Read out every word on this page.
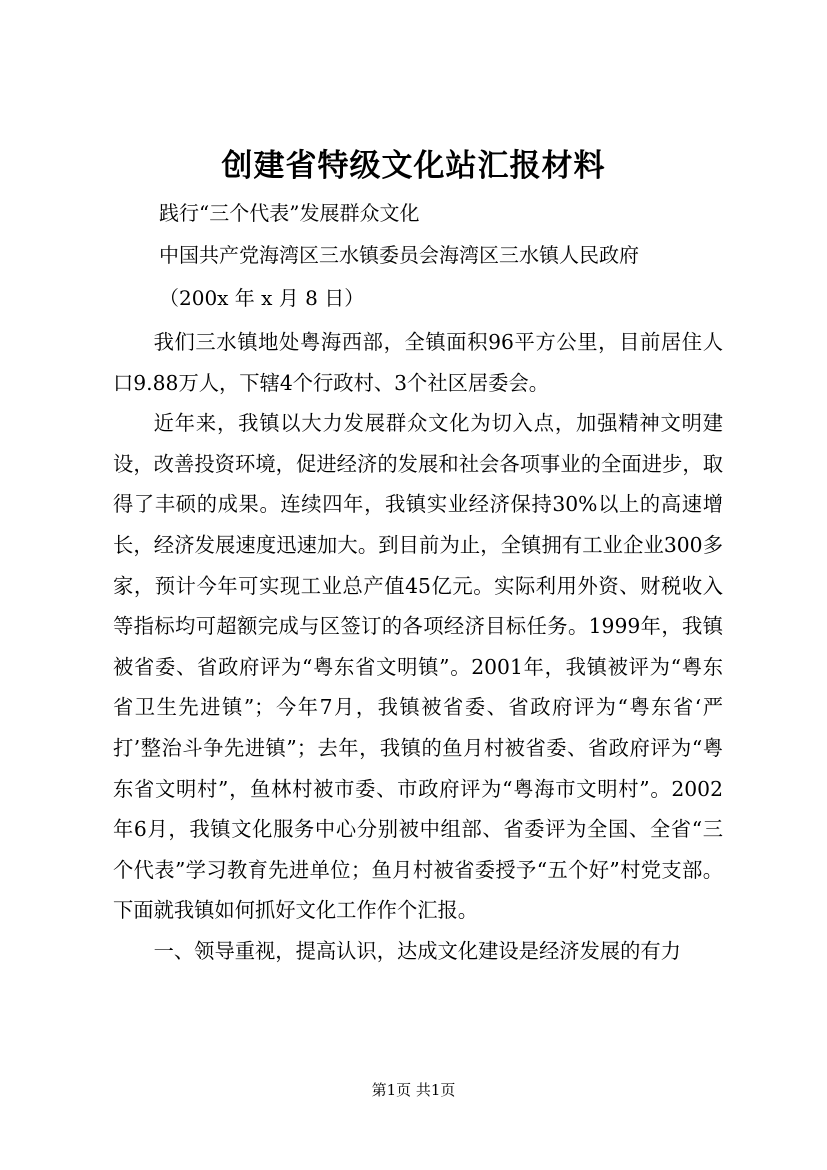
创建省特级文化站汇报材料
践行“三个代表”发展群众文化
中国共产党海湾区三水镇委员会海湾区三水镇人民政府
（200x 年 x 月 8 日）

我们三水镇地处粤海西部，全镇面积96平方公里，目前居住人口9.88万人，下辖4个行政村、3个社区居委会。

近年来，我镇以大力发展群众文化为切入点，加强精神文明建设，改善投资环境，促进经济的发展和社会各项事业的全面进步，取得了丰硕的成果。连续四年，我镇实业经济保持30%以上的高速增长，经济发展速度迅速加大。到目前为止，全镇拥有工业企业300多家，预计今年可实现工业总产值45亿元。实际利用外资、财税收入等指标均可超额完成与区签订的各项经济目标任务。1999年，我镇被省委、省政府评为“粤东省文明镇”。2001年，我镇被评为“粤东省卫生先进镇”；今年7月，我镇被省委、省政府评为“粤东省‘严打’整治斗争先进镇”；去年，我镇的鱼月村被省委、省政府评为“粤东省文明村”，鱼林村被市委、市政府评为“粤海市文明村”。2002年6月，我镇文化服务中心分别被中组部、省委评为全国、全省“三个代表”学习教育先进单位；鱼月村被省委授予“五个好”村党支部。下面就我镇如何抓好文化工作作个汇报。

一、领导重视，提高认识，达成文化建设是经济发展的有力

第1页 共1页
